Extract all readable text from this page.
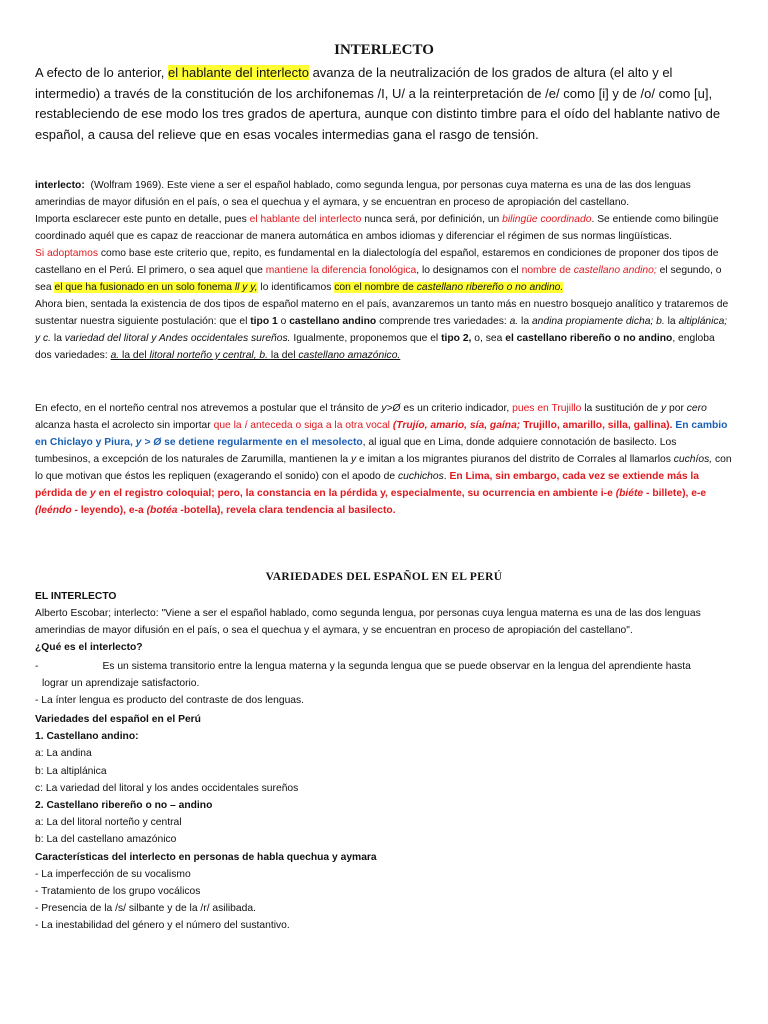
INTERLECTO
A efecto de lo anterior, el hablante del interlecto avanza de la neutralización de los grados de altura (el alto y el intermedio) a través de la constitución de los archifonemas /I, U/ a la reinterpretación de /e/ como [i] y de /o/ como [u], restableciendo de ese modo los tres grados de apertura, aunque con distinto timbre para el oído del hablante nativo de español, a causa del relieve que en esas vocales intermedias gana el rasgo de tensión.

interlecto: (Wolfram 1969). Este viene a ser el español hablado, como segunda lengua, por personas cuya materna es una de las dos lenguas amerindias de mayor difusión en el país, o sea el quechua y el aymara, y se encuentran en proceso de apropiación del castellano.

Importa esclarecer este punto en detalle, pues el hablante del interlecto nunca será, por definición, un bilingüe coordinado. Se entiende como bilingüe coordinado aquél que es capaz de reaccionar de manera automática en ambos idiomas y diferenciar el régimen de sus normas lingüísticas.

Si adoptamos como base este criterio que, repito, es fundamental en la dialectología del español, estaremos en condiciones de proponer dos tipos de castellano en el Perú. El primero, o sea aquel que mantiene la diferencia fonológica, lo designamos con el nombre de castellano andino; el segundo, o sea el que ha fusionado en un solo fonema ll y y, lo identificamos con el nombre de castellano ribereño o no andino.

Ahora bien, sentada la existencia de dos tipos de español materno en el país, avanzaremos un tanto más en nuestro bosquejo analítico y trataremos de sustentar nuestra siguiente postulación: que el tipo 1 o castellano andino comprende tres variedades: a. la andina propiamente dicha; b. la altiplánica; y c. la variedad del litoral y Andes occidentales sureños. Igualmente, proponemos que el tipo 2, o, sea el castellano ribereño o no andino, engloba dos variedades: a. la del litoral norteño y central, b. la del castellano amazónico.

En efecto, en el norteño central nos atrevemos a postular que el tránsito de y>Ø es un criterio indicador, pues en Trujillo la sustitución de y por cero alcanza hasta el acrolecto sin importar que la í anteceda o siga a la otra vocal (Trujío, amario, sía, gaína; Trujillo, amarillo, silla, gallina). En cambio en Chiclayo y Piura, y > Ø se detiene regularmente en el mesolecto, al igual que en Lima, donde adquiere connotación de basilecto. Los tumbesinos, a excepción de los naturales de Zarumilla, mantienen la y e imitan a los migrantes piuranos del distrito de Corrales al llamarlos cuchíos, con lo que motivan que éstos les repliquen (exagerando el sonido) con el apodo de cuchichos. En Lima, sin embargo, cada vez se extiende más la pérdida de y en el registro coloquial; pero, la constancia en la pérdida y, especialmente, su ocurrencia en ambiente i-e (biéte - billete), e-e (leéndo - leyendo), e-a (botéa -botella), revela clara tendencia al basilecto.

VARIEDADES DEL ESPAÑOL EN EL PERÚ

EL INTERLECTO

Alberto Escobar; interlecto: "Viene a ser el español hablado, como segunda lengua, por personas cuya lengua materna es una de las dos lenguas amerindias de mayor difusión en el país, o sea el quechua y el aymara, y se encuentran en proceso de apropiación del castellano".

¿Qué es el interlecto?

-	Es un sistema transitorio entre la lengua materna y la segunda lengua que se puede observar en la lengua del aprendiente hasta

lograr un aprendizaje satisfactorio.

- La ínter lengua es producto del contraste de dos lenguas.

Variedades del español en el Perú

1. Castellano andino:

a: La andina

b: La altiplánica

c: La variedad del litoral y los andes occidentales sureños

2. Castellano ribereño o no – andino

a: La del litoral norteño y central

b: La del castellano amazónico

Características del interlecto en personas de habla quechua y aymara

- La imperfección de su vocalismo

- Tratamiento de los grupo vocálicos

- Presencia de la /s/ silbante y de la /r/ asilibada.

- La inestabilidad del género y el número del sustantivo.
